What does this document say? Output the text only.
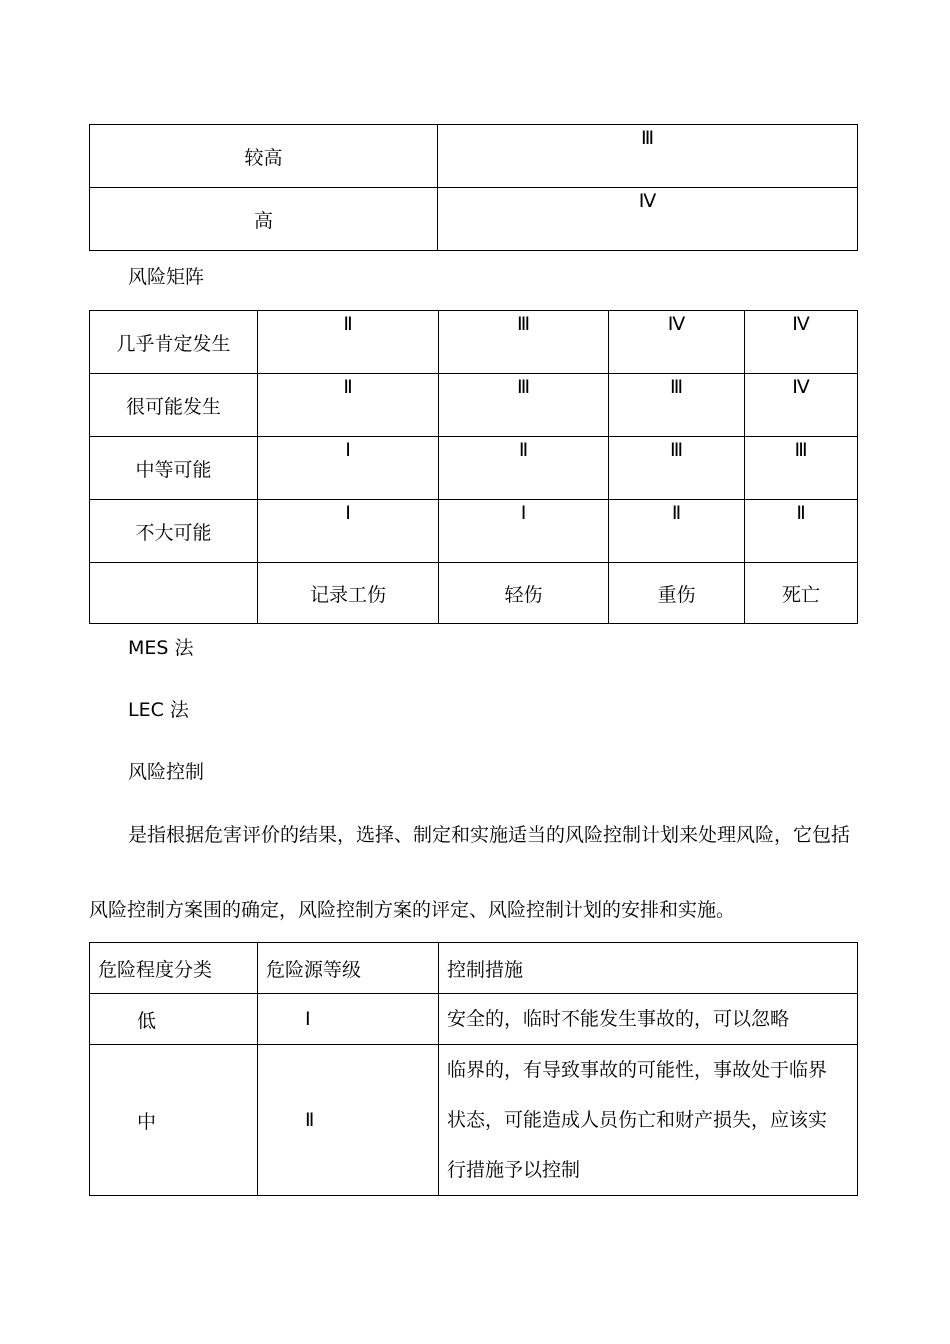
较高	Ⅲ
高	Ⅳ
风险矩阵
几乎肯定发生	Ⅱ	Ⅲ	Ⅳ	Ⅳ
很可能发生	Ⅱ	Ⅲ	Ⅲ	Ⅳ
中等可能	Ⅰ	Ⅱ	Ⅲ	Ⅲ
不大可能	Ⅰ	Ⅰ	Ⅱ	Ⅱ
	记录工伤	轻伤	重伤	死亡
MES 法
LEC 法
风险控制
是指根据危害评价的结果，选择、制定和实施适当的风险控制计划来处理风险，它包括
风险控制方案围的确定，风险控制方案的评定、风险控制计划的安排和实施。
危险程度分类	危险源等级	控制措施
低	Ⅰ	安全的，临时不能发生事故的，可以忽略

中	Ⅱ	临界的，有导致事故的可能性，事故处于临界
状态，可能造成人员伤亡和财产损失，应该实
行措施予以控制
